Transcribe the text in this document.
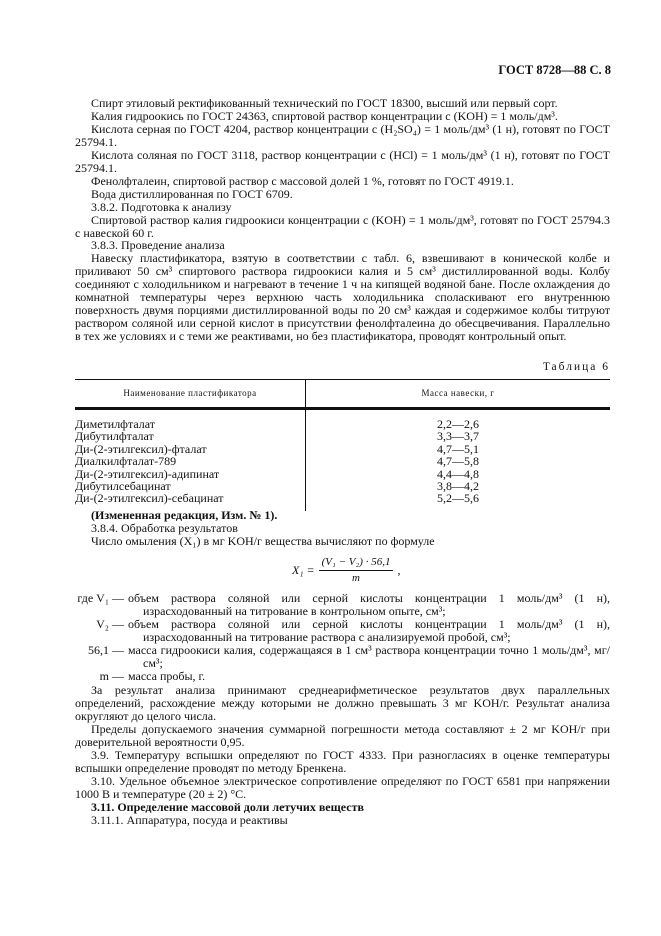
ГОСТ 8728—88 С. 8

Спирт этиловый ректификованный технический по ГОСТ 18300, высший или первый сорт.

Калия гидроокись по ГОСТ 24363, спиртовой раствор концентрации c (KOH) = 1 моль/дм³.

Кислота серная по ГОСТ 4204, раствор концентрации c (H₂SO₄) = 1 моль/дм³ (1 н), готовят по ГОСТ 25794.1.

Кислота соляная по ГОСТ 3118, раствор концентрации c (HCl) = 1 моль/дм³ (1 н), готовят по ГОСТ 25794.1.

Фенолфталеин, спиртовой раствор с массовой долей 1 %, готовят по ГОСТ 4919.1.

Вода дистиллированная по ГОСТ 6709.

3.8.2. Подготовка к анализу

Спиртовой раствор калия гидроокиси концентрации c (KOH) = 1 моль/дм³, готовят по ГОСТ 25794.3 с навеской 60 г.

3.8.3. Проведение анализа

Навеску пластификатора, взятую в соответствии с табл. 6, взвешивают в конической колбе и приливают 50 см³ спиртового раствора гидроокиси калия и 5 см³ дистиллированной воды. Колбу соединяют с холодильником и нагревают в течение 1 ч на кипящей водяной бане. После охлаждения до комнатной температуры через верхнюю часть холодильника споласкивают его внутреннюю поверхность двумя порциями дистиллированной воды по 20 см³ каждая и содержимое колбы титруют раствором соляной или серной кислот в присутствии фенолфталеина до обесцвечивания. Параллельно в тех же условиях и с теми же реактивами, но без пластификатора, проводят контрольный опыт.

Таблица 6
Наименование пластификатора	Масса навески, г
Диметилфталат	2,2—2,6
Дибутилфталат	3,3—3,7
Ди-(2-этилгексил)-фталат	4,7—5,1
Диалкилфталат-789	4,7—5,8
Ди-(2-этилгексил)-адипинат	4,4—4,8
Дибутилсебацинат	3,8—4,2
Ди-(2-этилгексил)-себацинат	5,2—5,6

(Измененная редакция, Изм. № 1).

3.8.4. Обработка результатов

Число омыления (X₁) в мг KOH/г вещества вычисляют по формуле

$X_1 = \frac{\text{(V₁ − V₂) · 56,1}}{m}$ ,
где V₁ — объем раствора соляной или серной кислоты концентрации 1 моль/дм³ (1 н), израсходованный на титрование в контрольном опыте, см³;
V₂ — объем раствора соляной или серной кислоты концентрации 1 моль/дм³ (1 н), израсходованный на титрование раствора с анализируемой пробой, см³;
56,1 — масса гидроокиси калия, содержащаяся в 1 см³ раствора концентрации точно 1 моль/дм³, мг/см³;
m — масса пробы, г.

За результат анализа принимают среднеарифметическое результатов двух параллельных определений, расхождение между которыми не должно превышать 3 мг KOH/г. Результат анализа округляют до целого числа.

Пределы допускаемого значения суммарной погрешности метода составляют ± 2 мг KOH/г при доверительной вероятности 0,95.

3.9. Температуру вспышки определяют по ГОСТ 4333. При разногласиях в оценке температуры вспышки определение проводят по методу Бренкена.

3.10. Удельное объемное электрическое сопротивление определяют по ГОСТ 6581 при напряжении 1000 В и температуре (20 ± 2) °С.

3.11. Определение массовой доли летучих веществ

3.11.1. Аппаратура, посуда и реактивы
